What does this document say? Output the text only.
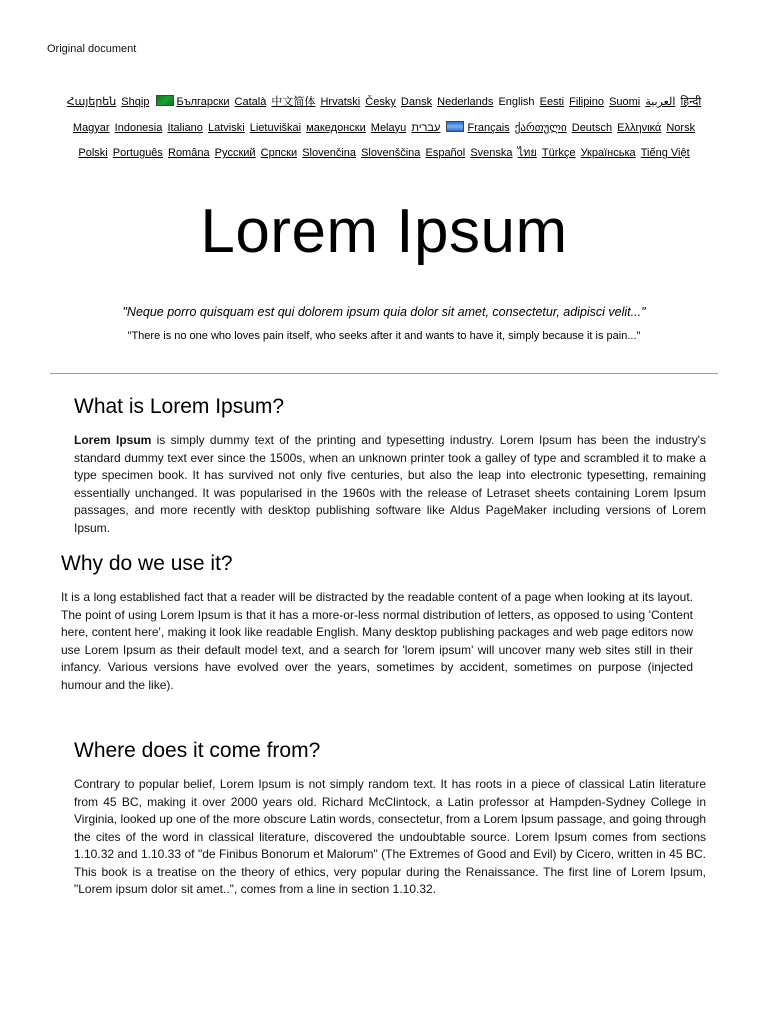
Original document
Հայերեն Shqip Български Català 中文简体 Hrvatski Česky Dansk Nederlands English Eesti Filipino Suomi العربية हिन्दी Magyar Indonesia Italiano Latviski Lietuviškai македонски Melayu עברית Français ქართული Deutsch Ελληνικά Norsk Polski Português Româna Pyccкий Српски Slovenčina Slovenščina Español Svenska ไทย Türkçe Українська Tiếng Việt
Lorem Ipsum
"Neque porro quisquam est qui dolorem ipsum quia dolor sit amet, consectetur, adipisci velit..."
"There is no one who loves pain itself, who seeks after it and wants to have it, simply because it is pain..."
What is Lorem Ipsum?

Lorem Ipsum is simply dummy text of the printing and typesetting industry. Lorem Ipsum has been the industry's standard dummy text ever since the 1500s, when an unknown printer took a galley of type and scrambled it to make a type specimen book. It has survived not only five centuries, but also the leap into electronic typesetting, remaining essentially unchanged. It was popularised in the 1960s with the release of Letraset sheets containing Lorem Ipsum passages, and more recently with desktop publishing software like Aldus PageMaker including versions of Lorem Ipsum.

Why do we use it?

It is a long established fact that a reader will be distracted by the readable content of a page when looking at its layout. The point of using Lorem Ipsum is that it has a more-or-less normal distribution of letters, as opposed to using 'Content here, content here', making it look like readable English. Many desktop publishing packages and web page editors now use Lorem Ipsum as their default model text, and a search for 'lorem ipsum' will uncover many web sites still in their infancy. Various versions have evolved over the years, sometimes by accident, sometimes on purpose (injected humour and the like).

Where does it come from?

Contrary to popular belief, Lorem Ipsum is not simply random text. It has roots in a piece of classical Latin literature from 45 BC, making it over 2000 years old. Richard McClintock, a Latin professor at Hampden-Sydney College in Virginia, looked up one of the more obscure Latin words, consectetur, from a Lorem Ipsum passage, and going through the cites of the word in classical literature, discovered the undoubtable source. Lorem Ipsum comes from sections 1.10.32 and 1.10.33 of "de Finibus Bonorum et Malorum" (The Extremes of Good and Evil) by Cicero, written in 45 BC. This book is a treatise on the theory of ethics, very popular during the Renaissance. The first line of Lorem Ipsum, "Lorem ipsum dolor sit amet..", comes from a line in section 1.10.32.
